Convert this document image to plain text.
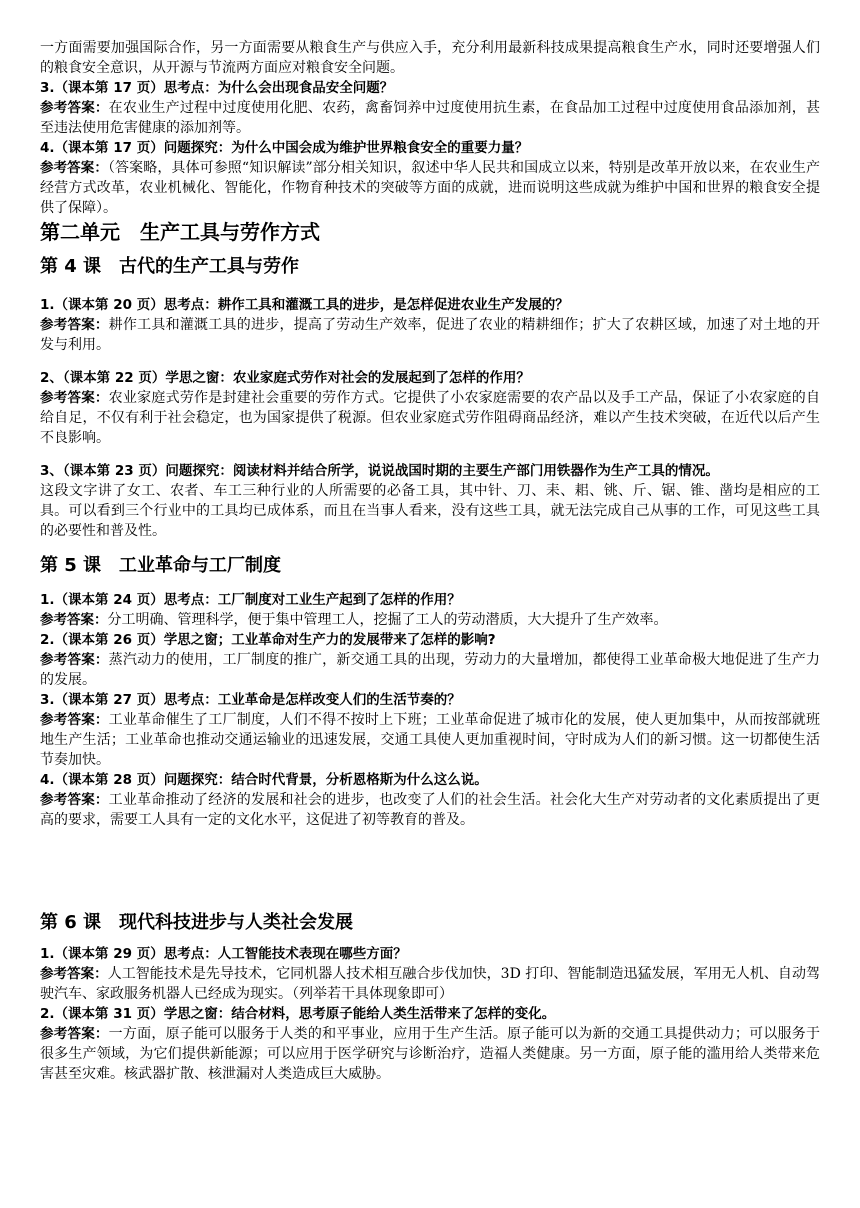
一方面需要加强国际合作，另一方面需要从粮食生产与供应入手，充分利用最新科技成果提高粮食生产水，同时还要增强人们的粮食安全意识，从开源与节流两方面应对粮食安全问题。

3.（课本第 17 页）思考点：为什么会出现食品安全问题？

参考答案：在农业生产过程中过度使用化肥、农药，禽畜饲养中过度使用抗生素，在食品加工过程中过度使用食品添加剂，甚至违法使用危害健康的添加剂等。

4.（课本第 17 页）问题探究：为什么中国会成为维护世界粮食安全的重要力量？

参考答案：（答案略，具体可参照“知识解读”部分相关知识，叙述中华人民共和国成立以来，特别是改革开放以来，在农业生产经营方式改革，农业机械化、智能化，作物育种技术的突破等方面的成就，进而说明这些成就为维护中国和世界的粮食安全提供了保障）。

第二单元　生产工具与劳作方式

第 4 课　古代的生产工具与劳作

1.（课本第 20 页）思考点：耕作工具和灌溉工具的进步，是怎样促进农业生产发展的？

参考答案：耕作工具和灌溉工具的进步，提高了劳动生产效率，促进了农业的精耕细作；扩大了农耕区域，加速了对土地的开发与利用。

2、（课本第 22 页）学思之窗：农业家庭式劳作对社会的发展起到了怎样的作用？

参考答案：农业家庭式劳作是封建社会重要的劳作方式。它提供了小农家庭需要的农产品以及手工产品，保证了小农家庭的自给自足，不仅有利于社会稳定，也为国家提供了税源。但农业家庭式劳作阻碍商品经济，难以产生技术突破，在近代以后产生不良影响。

3、（课本第 23 页）问题探究：阅读材料并结合所学，说说战国时期的主要生产部门用铁器作为生产工具的情况。

这段文字讲了女工、农者、车工三种行业的人所需要的必备工具，其中针、刀、耒、耜、铫、斤、锯、锥、凿均是相应的工具。可以看到三个行业中的工具均已成体系，而且在当事人看来，没有这些工具，就无法完成自己从事的工作，可见这些工具的必要性和普及性。

第 5 课　工业革命与工厂制度

1.（课本第 24 页）思考点：工厂制度对工业生产起到了怎样的作用？

参考答案：分工明确、管理科学，便于集中管理工人，挖掘了工人的劳动潜质，大大提升了生产效率。

2.（课本第 26 页）学思之窗；工业革命对生产力的发展带来了怎样的影响?

参考答案：蒸汽动力的使用，工厂制度的推广，新交通工具的出现，劳动力的大量增加，都使得工业革命极大地促进了生产力的发展。

3.（课本第 27 页）思考点：工业革命是怎样改变人们的生活节奏的？

参考答案：工业革命催生了工厂制度，人们不得不按时上下班；工业革命促进了城市化的发展，使人更加集中，从而按部就班地生产生活；工业革命也推动交通运输业的迅速发展，交通工具使人更加重视时间，守时成为人们的新习惯。这一切都使生活节奏加快。

4.（课本第 28 页）问题探究：结合时代背景，分析恩格斯为什么这么说。

参考答案：工业革命推动了经济的发展和社会的进步，也改变了人们的社会生活。社会化大生产对劳动者的文化素质提出了更高的要求，需要工人具有一定的文化水平，这促进了初等教育的普及。

第 6 课　现代科技进步与人类社会发展

1.（课本第 29 页）思考点：人工智能技术表现在哪些方面？

参考答案：人工智能技术是先导技术，它同机器人技术相互融合步伐加快，3D 打印、智能制造迅猛发展，军用无人机、自动驾驶汽车、家政服务机器人已经成为现实。（列举若干具体现象即可）

2.（课本第 31 页）学思之窗：结合材料，思考原子能给人类生活带来了怎样的变化。

参考答案：一方面，原子能可以服务于人类的和平事业，应用于生产生活。原子能可以为新的交通工具提供动力；可以服务于很多生产领域，为它们提供新能源；可以应用于医学研究与诊断治疗，造福人类健康。另一方面，原子能的滥用给人类带来危害甚至灾难。核武器扩散、核泄漏对人类造成巨大威胁。
